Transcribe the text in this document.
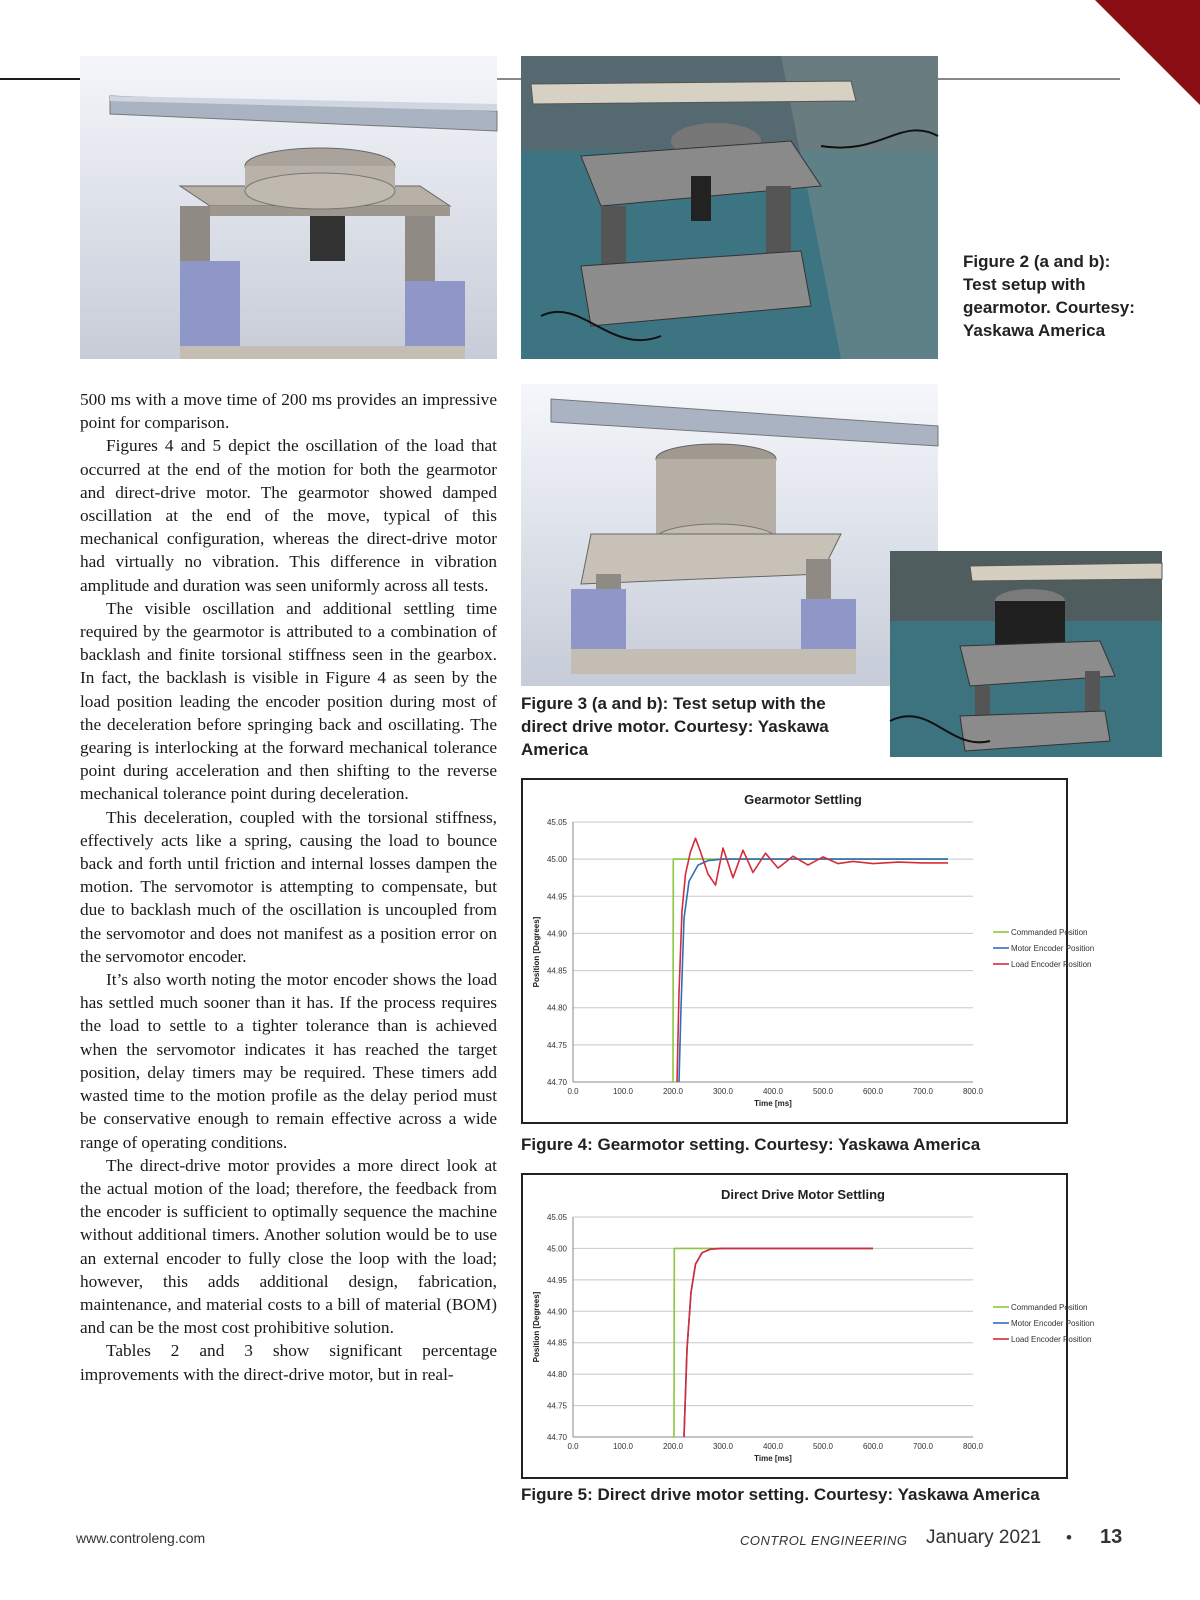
Figure 2 (a and b): Test setup with gearmotor. Courtesy: Yaskawa America
Figure 3 (a and b): Test setup with the direct drive motor. Courtesy: Yaskawa America

500 ms with a move time of 200 ms provides an impressive point for comparison.

Figures 4 and 5 depict the oscillation of the load that occurred at the end of the motion for both the gearmotor and direct-drive motor. The gearmotor showed damped oscillation at the end of the move, typical of this mechanical configuration, whereas the direct-drive motor had virtually no vibration. This difference in vibration amplitude and duration was seen uniformly across all tests.

The visible oscillation and additional settling time required by the gearmotor is attributed to a combination of backlash and finite torsional stiffness seen in the gearbox. In fact, the backlash is visible in Figure 4 as seen by the load position leading the encoder position during most of the deceleration before springing back and oscillating. The gearing is interlocking at the forward mechanical tolerance point during acceleration and then shifting to the reverse mechanical tolerance point during deceleration.

This deceleration, coupled with the torsional stiffness, effectively acts like a spring, causing the load to bounce back and forth until friction and internal losses dampen the motion. The servomotor is attempting to compensate, but due to backlash much of the oscillation is uncoupled from the servomotor and does not manifest as a position error on the servomotor encoder.

It’s also worth noting the motor encoder shows the load has settled much sooner than it has. If the process requires the load to settle to a tighter tolerance than is achieved when the servomotor indicates it has reached the target position, delay timers may be required. These timers add wasted time to the motion profile as the delay period must be conservative enough to remain effective across a wide range of operating conditions.

The direct-drive motor provides a more direct look at the actual motion of the load; therefore, the feedback from the encoder is sufficient to optimally sequence the machine without additional timers. Another solution would be to use an external encoder to fully close the loop with the load; however, this adds additional design, fabrication, maintenance, and material costs to a bill of material (BOM) and can be the most cost prohibitive solution.

Tables 2 and 3 show significant percentage improvements with the direct-drive motor, but in real-

Gearmotor Settling
45.05
45.00
44.95
44.90
44.85
44.80
44.75
44.70
0.0	100.0	200.0	300.0	400.0	500.0	600.0	700.0	800.0
Time [ms]
Position [Degrees]	Commanded Position
Motor Encoder Position
Load Encoder Position
Figure 4: Gearmotor setting. Courtesy: Yaskawa America
Direct Drive Motor Settling
45.05
45.00
44.95
44.90
44.85
44.80
44.75
44.70
0.0	100.0	200.0	300.0	400.0	500.0	600.0	700.0	800.0
Time [ms]
Position [Degrees]	Commanded Position
Motor Encoder Position
Load Encoder Position
Figure 5: Direct drive motor setting. Courtesy: Yaskawa America
www.controleng.com	CONTROL ENGINEERING January 2021 • 13
